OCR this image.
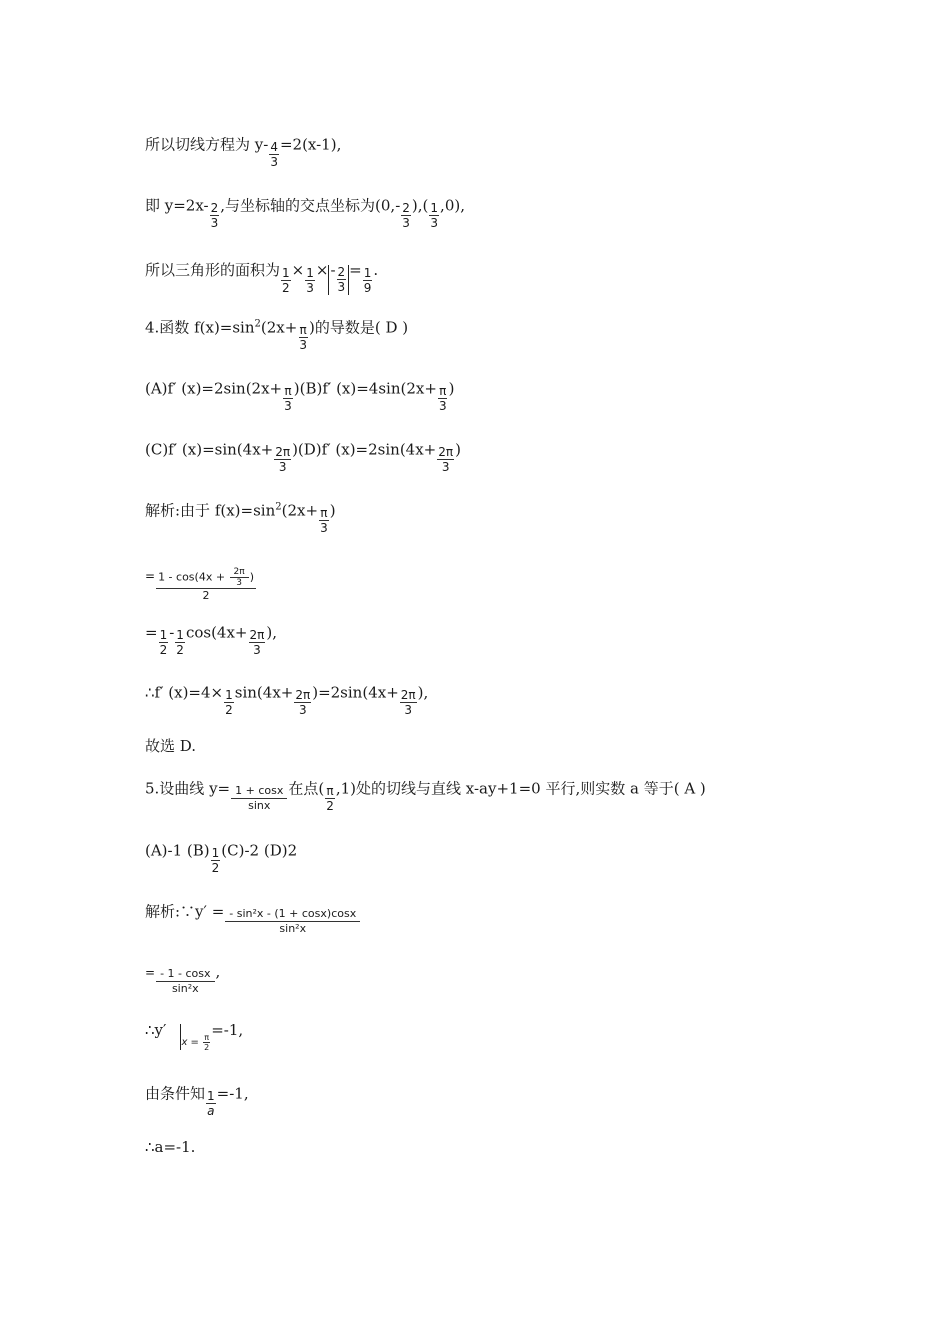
所以切线方程为 $y- \frac{4}{3} =2(x-1)$,
即 $y=2x- \frac{2}{3}$ ,与坐标轴的交点坐标为($0,- \frac{2}{3}$ ),( $\frac{1}{3} ,0$),
所以三角形的面积为 $\frac{1}{2} \times \frac{1}{3}$ × - $\frac{2}{3} = \frac{1}{9}$ .
4.函数 $f(x)=\sin^2(2x+ \frac{\pi}{3}$ )的导数是( D )
(A)f′ $(x)=2\sin(2x+ \frac{\pi}{3} )(B)f'$ $(x)=4\sin(2x+ \frac{\pi}{3}$ )
(C)f′ $(x)=\sin(4x+ \frac{2\pi}{3} )(D)f'$ $(x)=2\sin(4x+ \frac{2\pi}{3}$ )
解析:由于 $f(x)=\sin^2(2x+ \frac{\pi}{3}$ )
= $\frac{1 - \cos(4x + \frac{2\pi}{3} )}{2}$
= $\frac{1}{2} - \frac{1}{2} \cos(4x+ \frac{2\pi}{3}$ ),
∴f′ $(x)=4\times \frac{1}{2} \sin(4x+ \frac{2\pi}{3} )=2\sin(4x+ \frac{2\pi}{3}$ ),
故选 D.
5.设曲线 $y= \frac{1 + \cos x}{\sin x}$ 在点( $\frac{\pi}{2} ,1$)处的切线与直线 x-ay+1=0 平行,则实数 a 等于( A )
(A)-1 $(B) \frac{1}{2} (C)-2$ (D)2
解析:∵y′ = $\frac{\text{- sin²x - (1 + cosx)cosx}}{\text{sin²x}}$
= $\frac{- 1 - \cos x}{\text{sin²x}}$ ,
$\therefore y'_{x = \frac{\pi}{2}}$
=-1,
由条件知 $\frac{1}{a} =-1$,
∴a=-1.
